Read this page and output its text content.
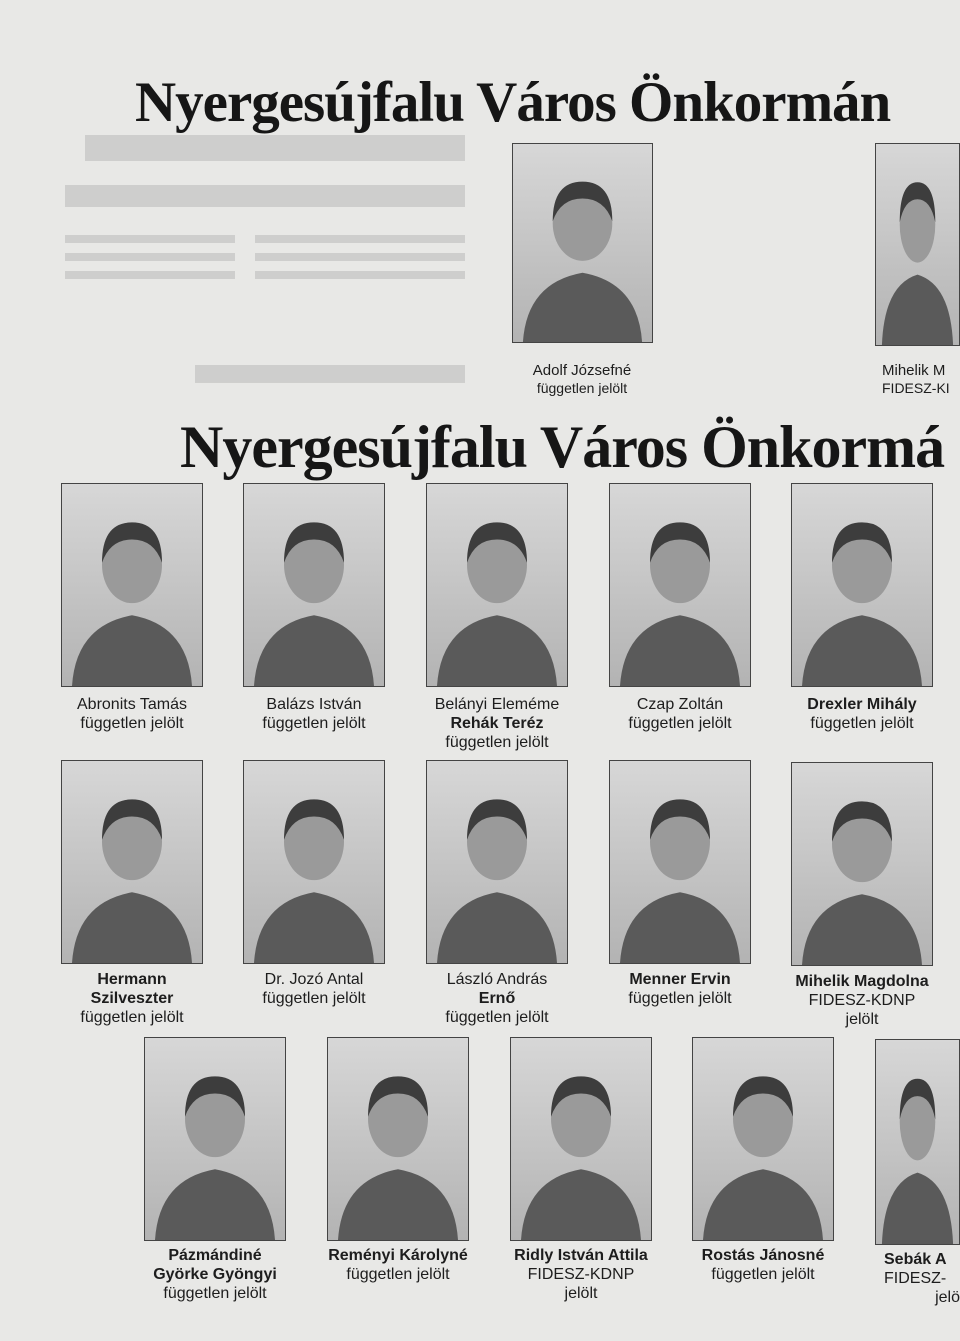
Nyergesújfalu Város Önkormán
Adolf Józsefné
független jelölt
Mihelik M
FIDESZ-KI
Nyergesújfalu Város Önkormá
Abronits Tamás
független jelölt
Balázs István
független jelölt
Belányi Eleméme
Rehák Teréz
független jelölt
Czap Zoltán
független jelölt
Drexler Mihály
független jelölt
Hermann
Szilveszter
független jelölt
Dr. Jozó Antal
független jelölt
László András
Ernő
független jelölt
Menner Ervin
független jelölt
Mihelik Magdolna
FIDESZ-KDNP
jelölt
Pázmándiné
Györke Gyöngyi
független jelölt
Reményi Károlyné
független jelölt
Ridly István Attila
FIDESZ-KDNP
jelölt
Rostás Jánosné
független jelölt
Sebák A
FIDESZ-
jelö
